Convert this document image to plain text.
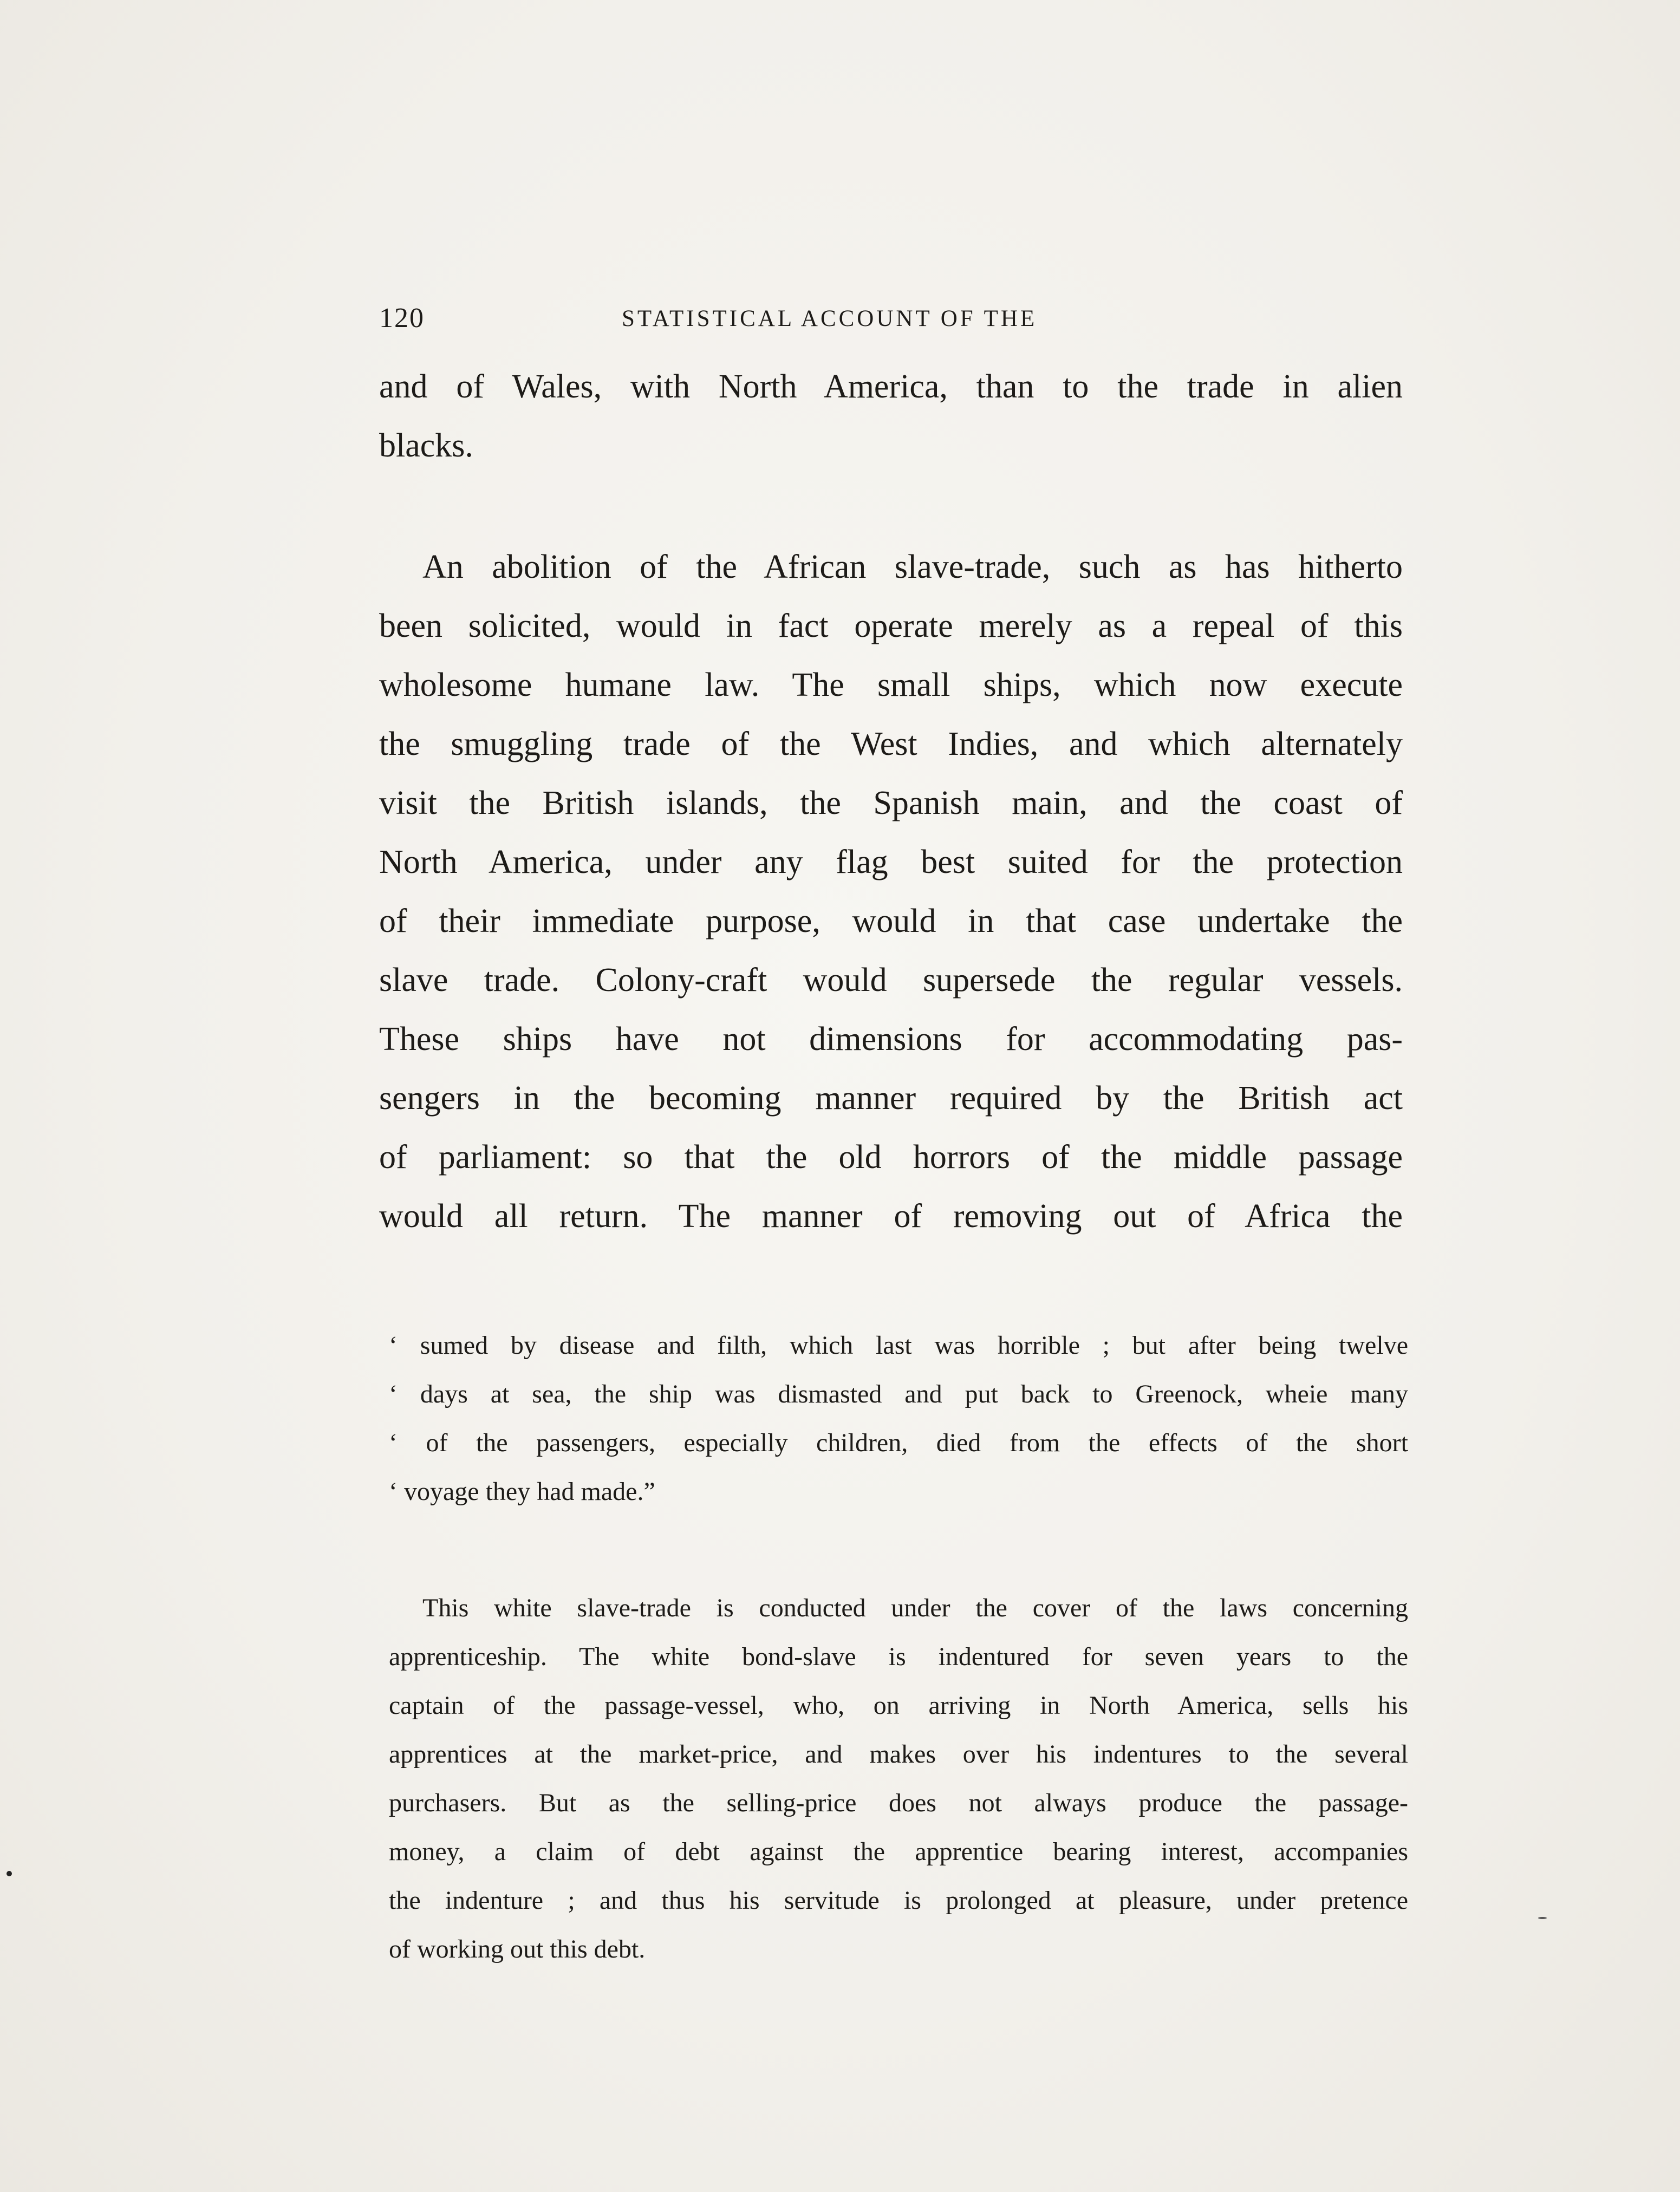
120	STATISTICAL ACCOUNT OF THE
and of Wales, with North America, than to the trade in alien
blacks.
An abolition of the African slave-trade, such as has hitherto
been solicited, would in fact operate merely as a repeal of this
wholesome humane law. The small ships, which now execute
the smuggling trade of the West Indies, and which alternately
visit the British islands, the Spanish main, and the coast of
North America, under any flag best suited for the protection
of their immediate purpose, would in that case undertake the
slave trade. Colony-craft would supersede the regular vessels.
These ships have not dimensions for accommodating pas-
sengers in the becoming manner required by the British act
of parliament: so that the old horrors of the middle passage
would all return. The manner of removing out of Africa the
‘ sumed by disease and filth, which last was horrible ; but after being twelve
‘ days at sea, the ship was dismasted and put back to Greenock, wheie many
‘ of the passengers, especially children, died from the effects of the short
‘ voyage they had made.”
This white slave-trade is conducted under the cover of the laws concerning
apprenticeship. The white bond-slave is indentured for seven years to the
captain of the passage-vessel, who, on arriving in North America, sells his
apprentices at the market-price, and makes over his indentures to the several
purchasers. But as the selling-price does not always produce the passage-
money, a claim of debt against the apprentice bearing interest, accompanies
the indenture ; and thus his servitude is prolonged at pleasure, under pretence
of working out this debt.
